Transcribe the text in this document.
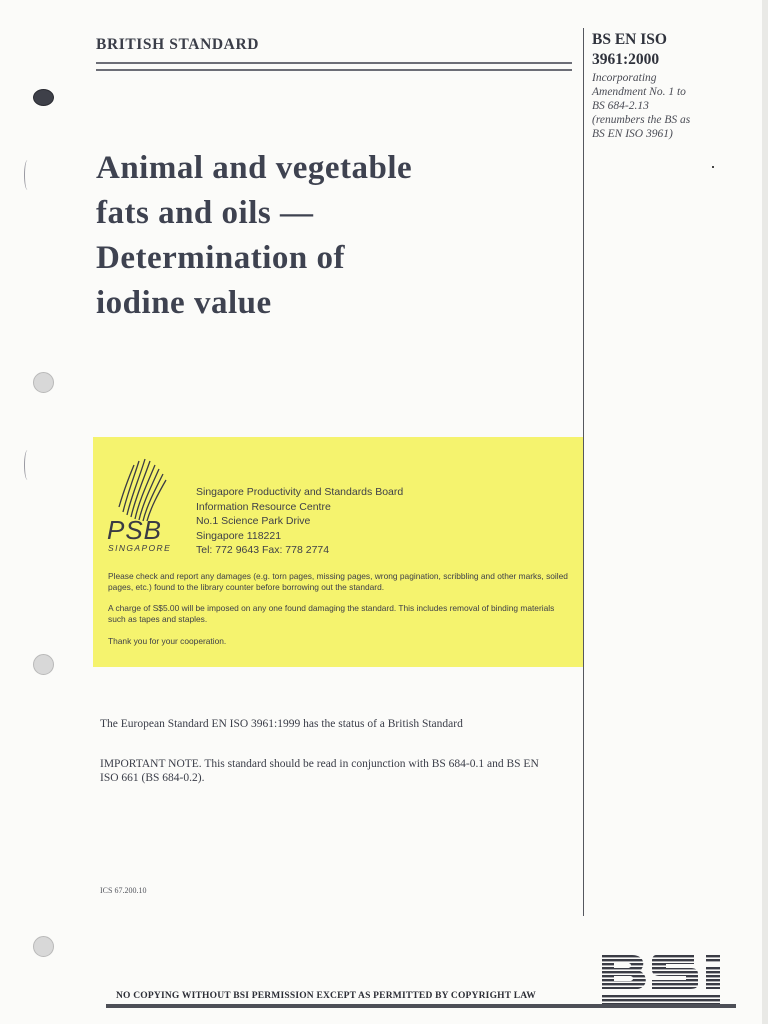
BRITISH STANDARD	BS EN ISO
3961:2000
Incorporating
Amendment No. 1 to
BS 684-2.13
(renumbers the BS as
BS EN ISO 3961)
Animal and vegetable
fats and oils —
Determination of
iodine value
PSB
SINGAPORE
Singapore Productivity and Standards Board
Information Resource Centre
No.1 Science Park Drive
Singapore 118221
Tel: 772 9643 Fax: 778 2774
Please check and report any damages (e.g. torn pages, missing pages, wrong pagination, scribbling and other marks, soiled pages, etc.) found to the library counter before borrowing out the standard.
A charge of S$5.00 will be imposed on any one found damaging the standard. This includes removal of binding materials such as tapes and staples.
Thank you for your cooperation.
The European Standard EN ISO 3961:1999 has the status of a British Standard
IMPORTANT NOTE. This standard should be read in conjunction with BS 684-0.1 and BS EN ISO 661 (BS 684-0.2).
ICS 67.200.10
NO COPYING WITHOUT BSI PERMISSION EXCEPT AS PERMITTED BY COPYRIGHT LAW
